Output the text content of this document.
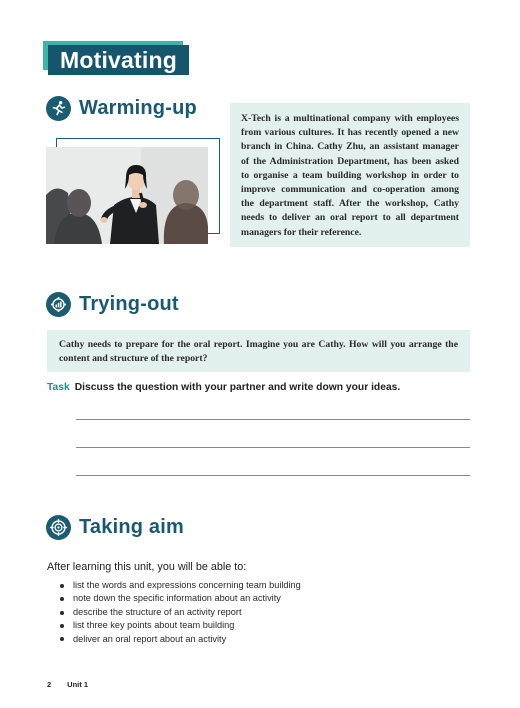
Motivating
Warming-up	X-Tech is a multinational company with employees from various cultures. It has recently opened a new branch in China. Cathy Zhu, an assistant manager of the Administration Department, has been asked to organise a team building workshop in order to improve communication and co-operation among the department staff. After the workshop, Cathy needs to deliver an oral report to all department managers for their reference.

Trying-out

Cathy needs to prepare for the oral report. Imagine you are Cathy. How will you arrange the content and structure of the report?

Task Discuss the question with your partner and write down your ideas.
Taking aim
After learning this unit, you will be able to:
list the words and expressions concerning team building
note down the specific information about an activity
describe the structure of an activity report
list three key points about team building
deliver an oral report about an activity
2 Unit 1
